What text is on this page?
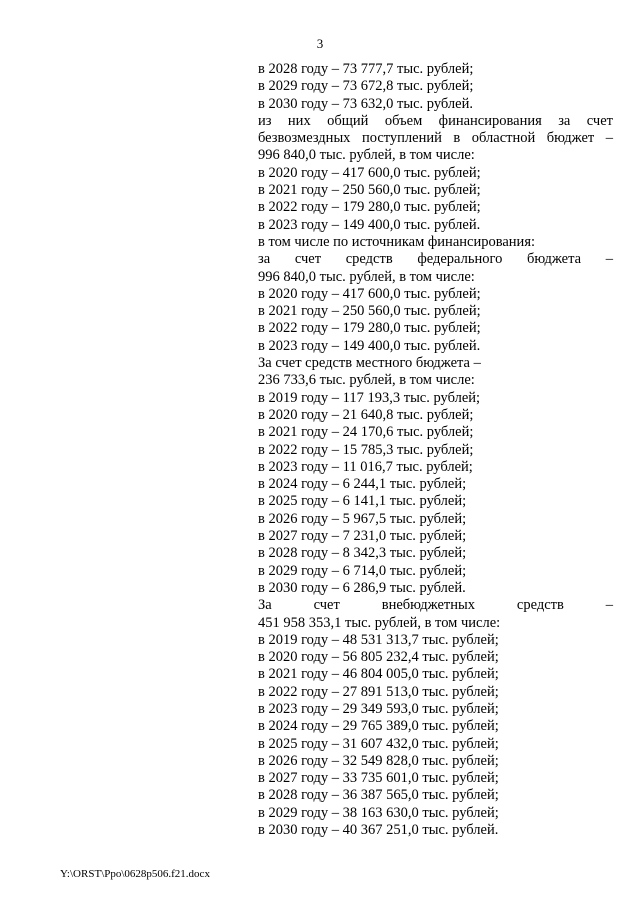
3
в 2028 году – 73 777,7 тыс. рублей;
в 2029 году – 73 672,8 тыс. рублей;
в 2030 году – 73 632,0 тыс. рублей.
из них общий объем финансирования за счет
безвозмездных поступлений в областной бюджет –
996 840,0 тыс. рублей, в том числе:
в 2020 году – 417 600,0 тыс. рублей;
в 2021 году – 250 560,0 тыс. рублей;
в 2022 году – 179 280,0 тыс. рублей;
в 2023 году – 149 400,0 тыс. рублей.
в том числе по источникам финансирования:
за счет средств федерального бюджета –
996 840,0 тыс. рублей, в том числе:
в 2020 году – 417 600,0 тыс. рублей;
в 2021 году – 250 560,0 тыс. рублей;
в 2022 году – 179 280,0 тыс. рублей;
в 2023 году – 149 400,0 тыс. рублей.
За счет средств местного бюджета –
236 733,6 тыс. рублей, в том числе:
в 2019 году – 117 193,3 тыс. рублей;
в 2020 году – 21 640,8 тыс. рублей;
в 2021 году – 24 170,6 тыс. рублей;
в 2022 году – 15 785,3 тыс. рублей;
в 2023 году – 11 016,7 тыс. рублей;
в 2024 году – 6 244,1 тыс. рублей;
в 2025 году – 6 141,1 тыс. рублей;
в 2026 году – 5 967,5 тыс. рублей;
в 2027 году – 7 231,0 тыс. рублей;
в 2028 году – 8 342,3 тыс. рублей;
в 2029 году – 6 714,0 тыс. рублей;
в 2030 году – 6 286,9 тыс. рублей.
За счет внебюджетных средств –
451 958 353,1 тыс. рублей, в том числе:
в 2019 году – 48 531 313,7 тыс. рублей;
в 2020 году – 56 805 232,4 тыс. рублей;
в 2021 году – 46 804 005,0 тыс. рублей;
в 2022 году – 27 891 513,0 тыс. рублей;
в 2023 году – 29 349 593,0 тыс. рублей;
в 2024 году – 29 765 389,0 тыс. рублей;
в 2025 году – 31 607 432,0 тыс. рублей;
в 2026 году – 32 549 828,0 тыс. рублей;
в 2027 году – 33 735 601,0 тыс. рублей;
в 2028 году – 36 387 565,0 тыс. рублей;
в 2029 году – 38 163 630,0 тыс. рублей;
в 2030 году – 40 367 251,0 тыс. рублей.
Y:\ORST\Ppo\0628p506.f21.docx
